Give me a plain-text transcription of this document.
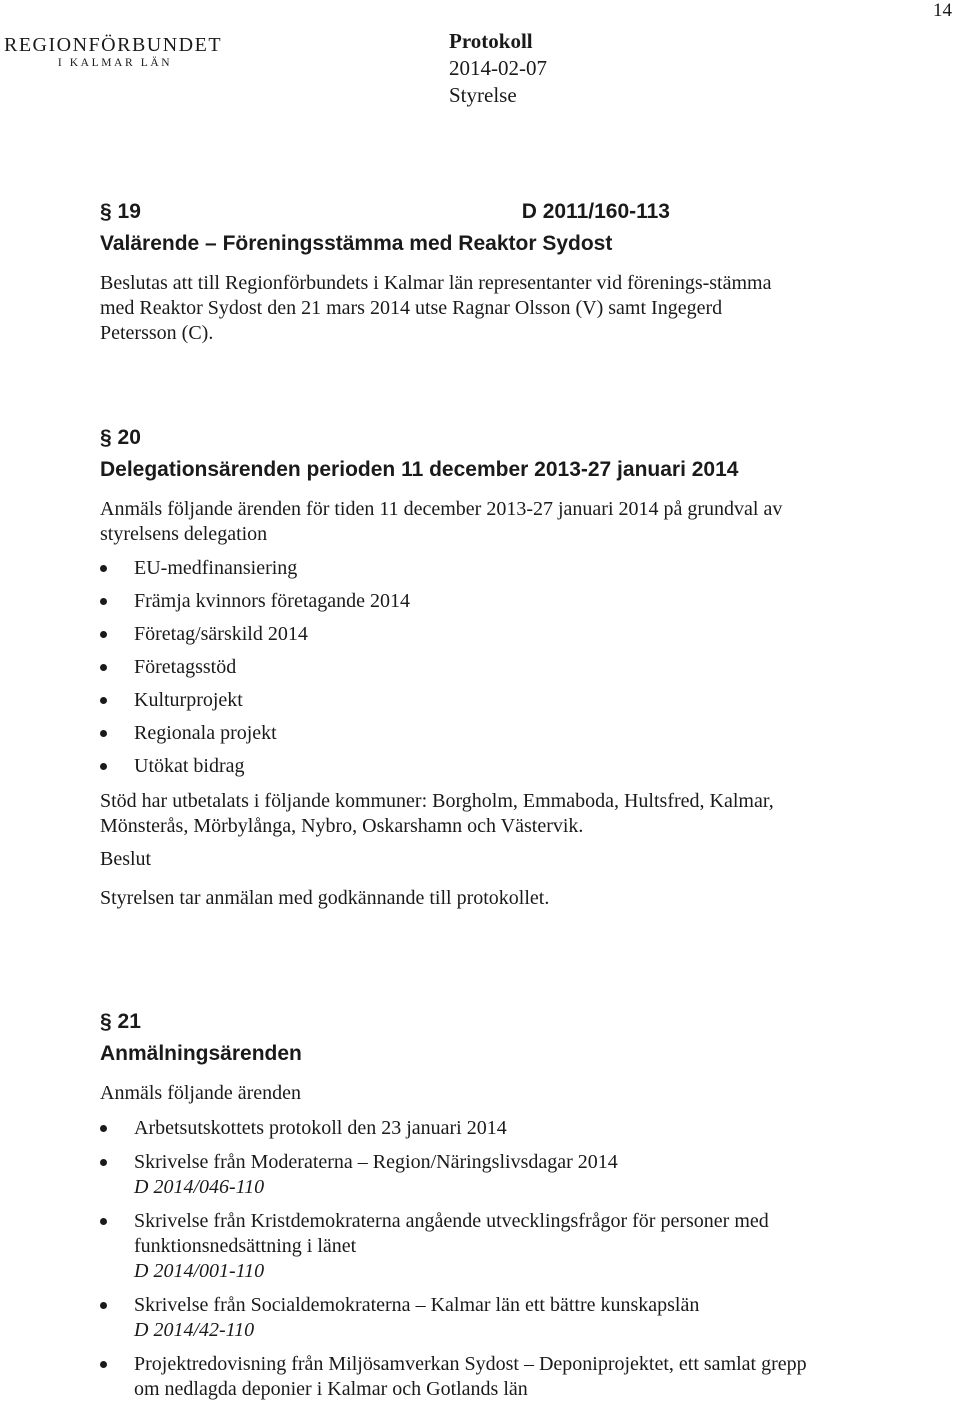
14
REGIONFÖRBUNDET
I KALMAR LÄN
Protokoll
2014-02-07
Styrelse
§ 19	D 2011/160-113
Valärende – Föreningsstämma med Reaktor Sydost

Beslutas att till Regionförbundets i Kalmar län representanter vid förenings-stämma med Reaktor Sydost den 21 mars 2014 utse Ragnar Olsson (V) samt Ingegerd Petersson (C).

§ 20
Delegationsärenden perioden 11 december 2013-27 januari 2014

Anmäls följande ärenden för tiden 11 december 2013-27 januari 2014 på grundval av styrelsens delegation

EU-medfinansiering
Främja kvinnors företagande 2014
Företag/särskild 2014
Företagsstöd
Kulturprojekt
Regionala projekt
Utökat bidrag

Stöd har utbetalats i följande kommuner: Borgholm, Emmaboda, Hultsfred, Kalmar, Mönsterås, Mörbylånga, Nybro, Oskarshamn och Västervik.

Beslut

Styrelsen tar anmälan med godkännande till protokollet.

§ 21
Anmälningsärenden

Anmäls följande ärenden

Arbetsutskottets protokoll den 23 januari 2014
Skrivelse från Moderaterna – Region/Näringslivsdagar 2014
D 2014/046-110
Skrivelse från Kristdemokraterna angående utvecklingsfrågor för personer med funktionsnedsättning i länet
D 2014/001-110
Skrivelse från Socialdemokraterna – Kalmar län ett bättre kunskapslän
D 2014/42-110
Projektredovisning från Miljösamverkan Sydost – Deponiprojektet, ett samlat grepp om nedlagda deponier i Kalmar och Gotlands län
